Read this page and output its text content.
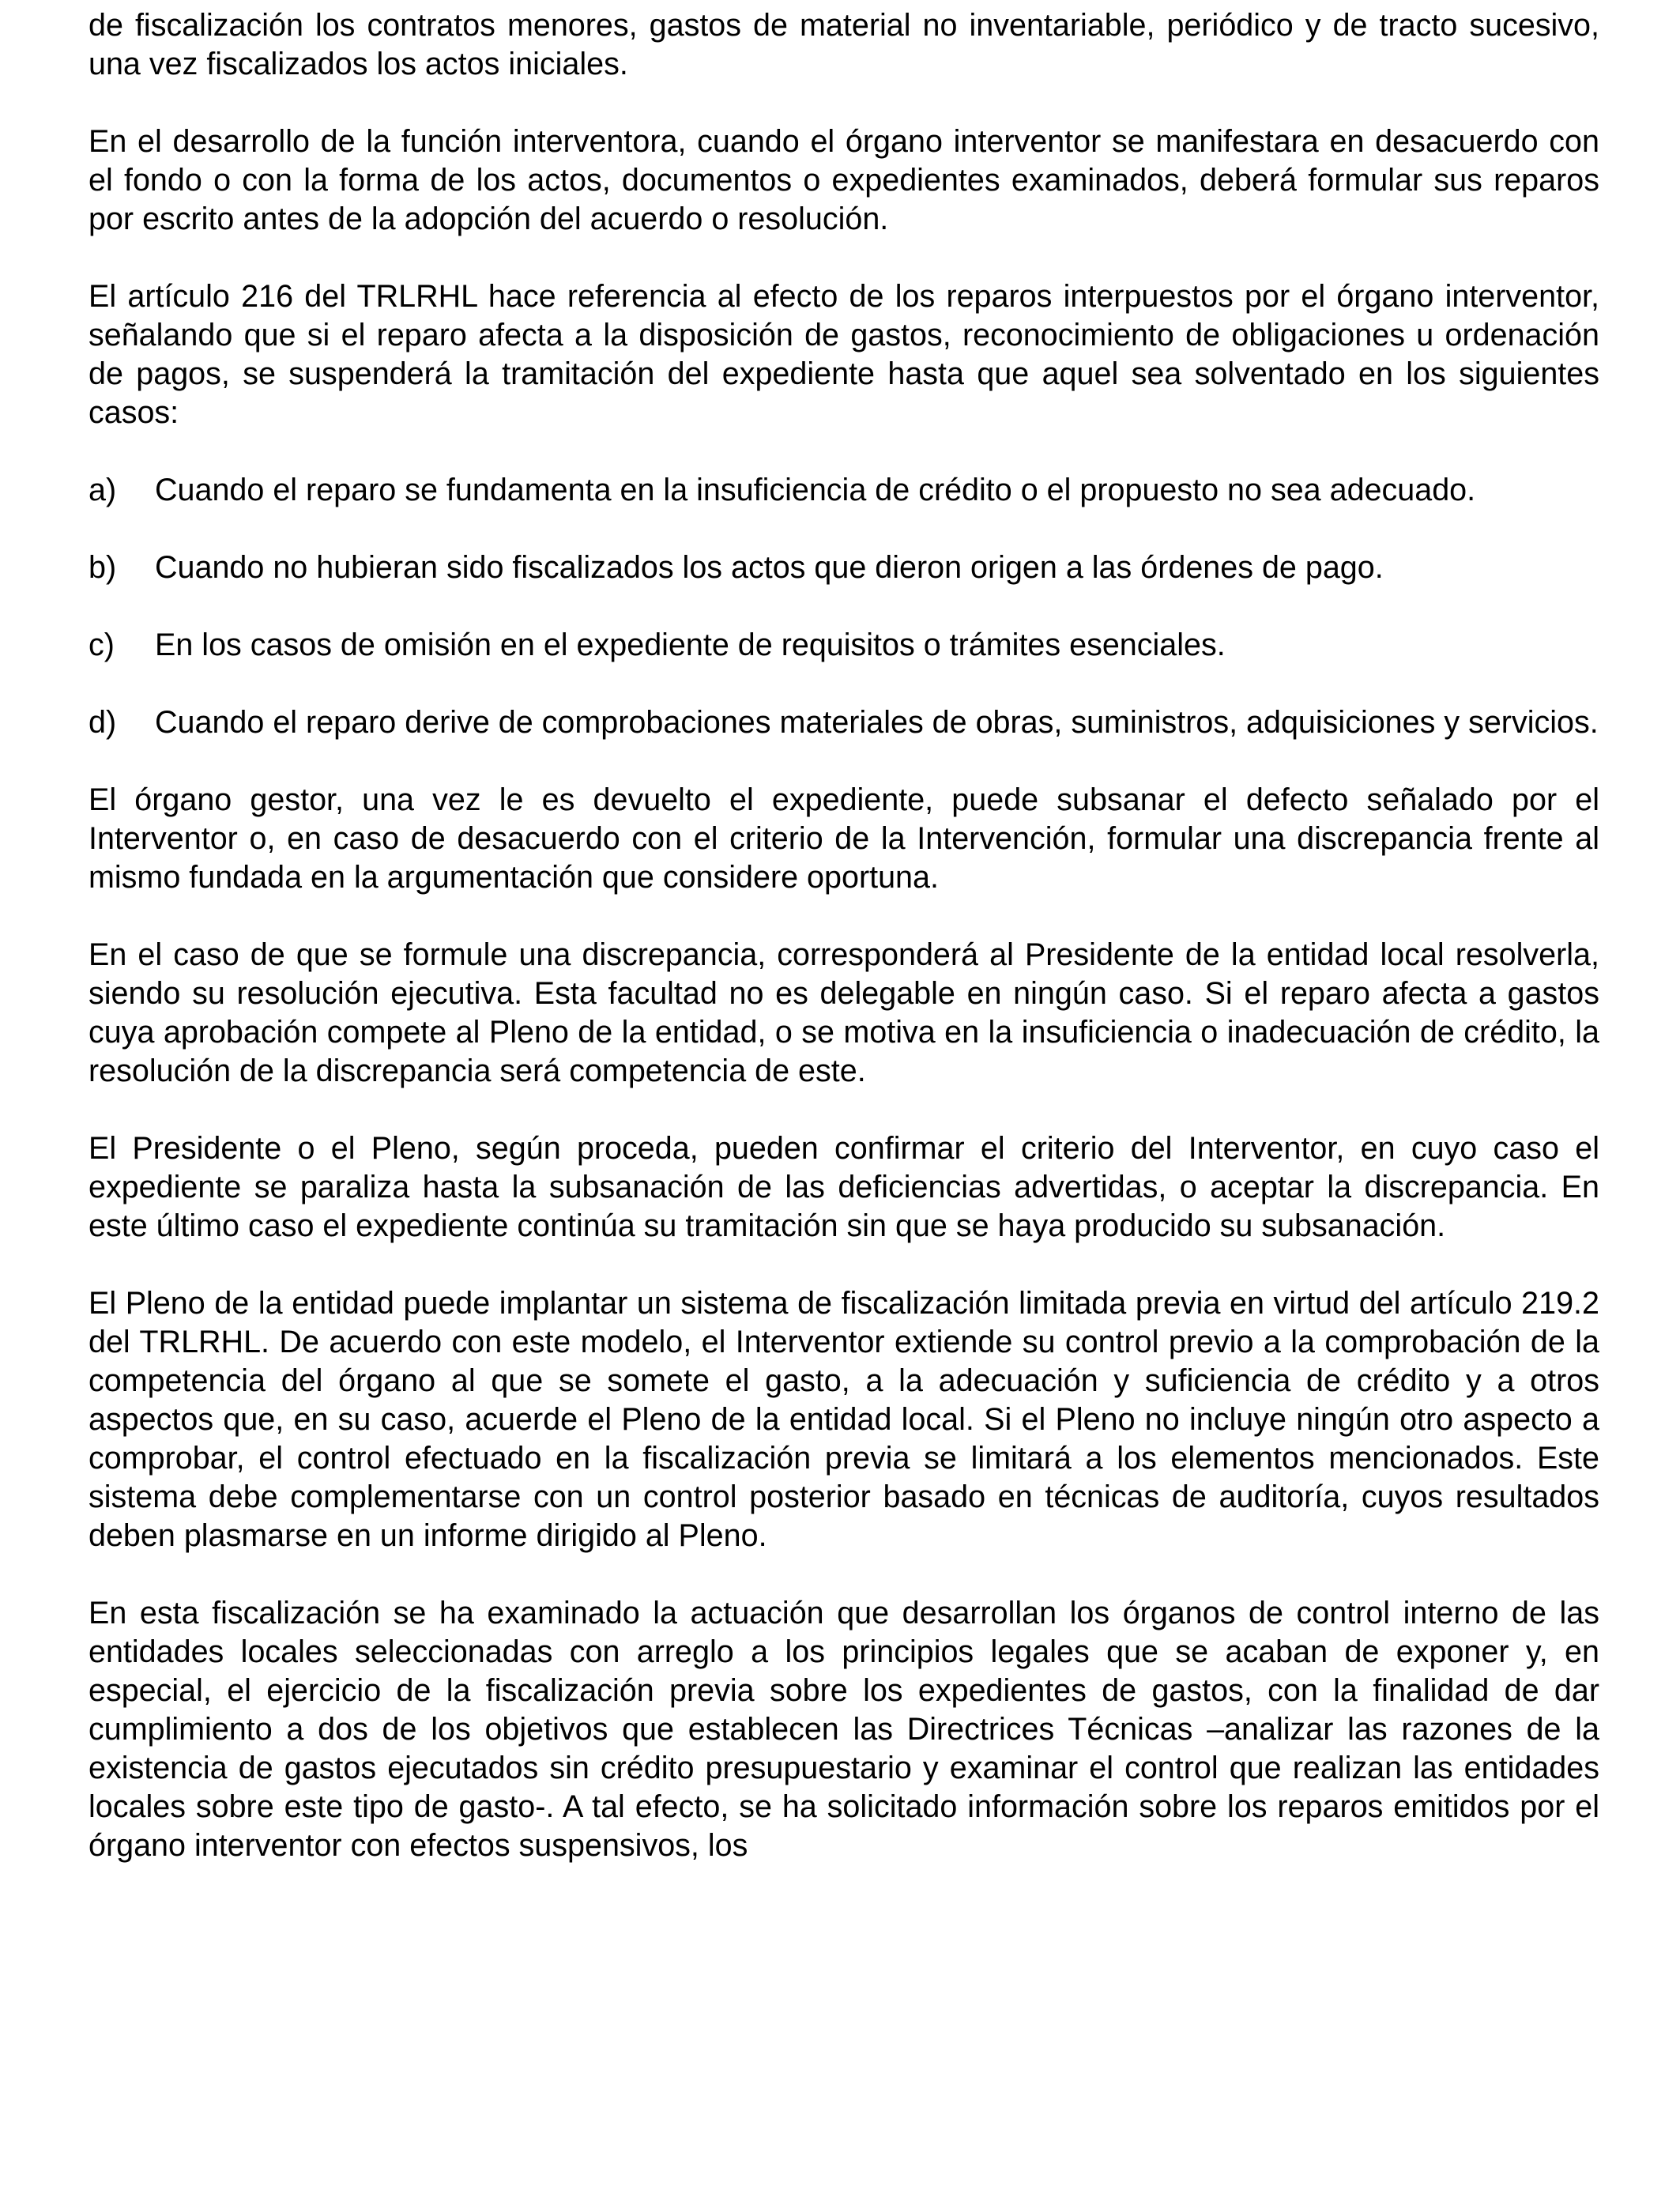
de fiscalización los contratos menores, gastos de material no inventariable, periódico y de tracto sucesivo, una vez fiscalizados los actos iniciales.

En el desarrollo de la función interventora, cuando el órgano interventor se manifestara en desacuerdo con el fondo o con la forma de los actos, documentos o expedientes examinados, deberá formular sus reparos por escrito antes de la adopción del acuerdo o resolución.

El artículo 216 del TRLRHL hace referencia al efecto de los reparos interpuestos por el órgano interventor, señalando que si el reparo afecta a la disposición de gastos, reconocimiento de obligaciones u ordenación de pagos, se suspenderá la tramitación del expediente hasta que aquel sea solventado en los siguientes casos:

a)	Cuando el reparo se fundamenta en la insuficiencia de crédito o el propuesto no sea adecuado.
b)	Cuando no hubieran sido fiscalizados los actos que dieron origen a las órdenes de pago.
c)	En los casos de omisión en el expediente de requisitos o trámites esenciales.
d)	Cuando el reparo derive de comprobaciones materiales de obras, suministros, adquisiciones y servicios.

El órgano gestor, una vez le es devuelto el expediente, puede subsanar el defecto señalado por el Interventor o, en caso de desacuerdo con el criterio de la Intervención, formular una discrepancia frente al mismo fundada en la argumentación que considere oportuna.

En el caso de que se formule una discrepancia, corresponderá al Presidente de la entidad local resolverla, siendo su resolución ejecutiva. Esta facultad no es delegable en ningún caso. Si el reparo afecta a gastos cuya aprobación compete al Pleno de la entidad, o se motiva en la insuficiencia o inadecuación de crédito, la resolución de la discrepancia será competencia de este.

El Presidente o el Pleno, según proceda, pueden confirmar el criterio del Interventor, en cuyo caso el expediente se paraliza hasta la subsanación de las deficiencias advertidas, o aceptar la discrepancia. En este último caso el expediente continúa su tramitación sin que se haya producido su subsanación.

El Pleno de la entidad puede implantar un sistema de fiscalización limitada previa en virtud del artículo 219.2 del TRLRHL. De acuerdo con este modelo, el Interventor extiende su control previo a la comprobación de la competencia del órgano al que se somete el gasto, a la adecuación y suficiencia de crédito y a otros aspectos que, en su caso, acuerde el Pleno de la entidad local. Si el Pleno no incluye ningún otro aspecto a comprobar, el control efectuado en la fiscalización previa se limitará a los elementos mencionados. Este sistema debe complementarse con un control posterior basado en técnicas de auditoría, cuyos resultados deben plasmarse en un informe dirigido al Pleno.

En esta fiscalización se ha examinado la actuación que desarrollan los órganos de control interno de las entidades locales seleccionadas con arreglo a los principios legales que se acaban de exponer y, en especial, el ejercicio de la fiscalización previa sobre los expedientes de gastos, con la finalidad de dar cumplimiento a dos de los objetivos que establecen las Directrices Técnicas –analizar las razones de la existencia de gastos ejecutados sin crédito presupuestario y examinar el control que realizan las entidades locales sobre este tipo de gasto-. A tal efecto, se ha solicitado información sobre los reparos emitidos por el órgano interventor con efectos suspensivos, los
